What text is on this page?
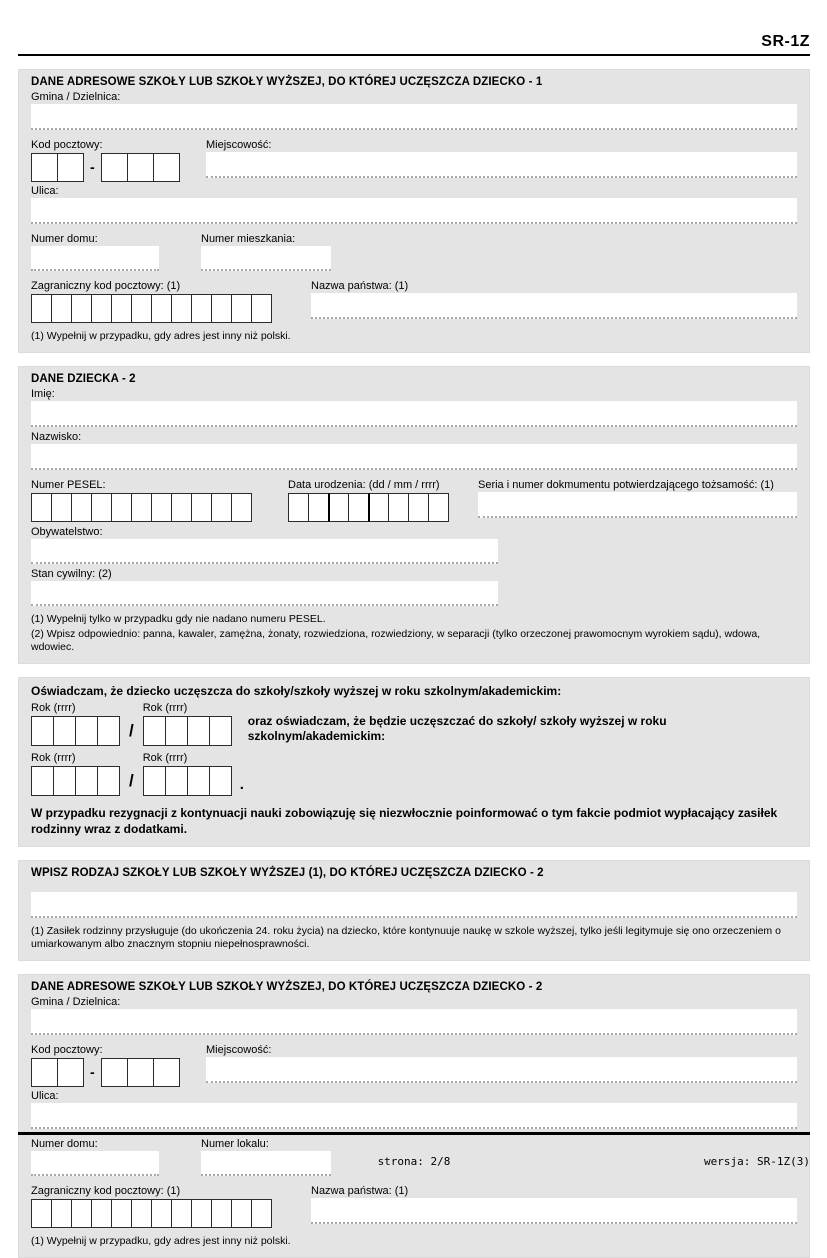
SR-1Z
DANE ADRESOWE SZKOŁY LUB SZKOŁY WYŻSZEJ, DO KTÓREJ UCZĘSZCZA DZIECKO - 1
Gmina / Dzielnica:
Kod pocztowy:
-
Miejscowość:
Ulica:
Numer domu:	Numer mieszkania:
Zagraniczny kod pocztowy: (1)	Nazwa państwa: (1)
(1) Wypełnij w przypadku, gdy adres jest inny niż polski.
DANE DZIECKA - 2
Imię:
Nazwisko:
Numer PESEL:	Data urodzenia: (dd / mm / rrrr)	Seria i numer dokmumentu potwierdzającego tożsamość: (1)
Obywatelstwo:
Stan cywilny: (2)
(1) Wypełnij tylko w przypadku gdy nie nadano numeru PESEL.
(2) Wpisz odpowiednio: panna, kawaler, zamężna, żonaty, rozwiedziona, rozwiedziony, w separacji (tylko orzeczonej prawomocnym wyrokiem sądu), wdowa, wdowiec.
Oświadczam, że dziecko uczęszcza do szkoły/szkoły wyższej w roku szkolnym/akademickim:
Rok (rrrr)
/
Rok (rrrr)
oraz oświadczam, że będzie uczęszczać do szkoły/ szkoły wyższej w roku szkolnym/akademickim:
Rok (rrrr)
/
Rok (rrrr)
.
W przypadku rezygnacji z kontynuacji nauki zobowiązuję się niezwłocznie poinformować o tym fakcie podmiot wypłacający zasiłek rodzinny wraz z dodatkami.
WPISZ RODZAJ SZKOŁY LUB SZKOŁY WYŻSZEJ (1), DO KTÓREJ UCZĘSZCZA DZIECKO - 2
(1) Zasiłek rodzinny przysługuje (do ukończenia 24. roku życia) na dziecko, które kontynuuje naukę w szkole wyższej, tylko jeśli legitymuje się ono orzeczeniem o umiarkowanym albo znacznym stopniu niepełnosprawności.
DANE ADRESOWE SZKOŁY LUB SZKOŁY WYŻSZEJ, DO KTÓREJ UCZĘSZCZA DZIECKO - 2
Gmina / Dzielnica:
Kod pocztowy:
-
Miejscowość:
Ulica:
Numer domu:	Numer lokalu:
Zagraniczny kod pocztowy: (1)	Nazwa państwa: (1)
(1) Wypełnij w przypadku, gdy adres jest inny niż polski.
strona: 2/8	wersja: SR-1Z(3)
